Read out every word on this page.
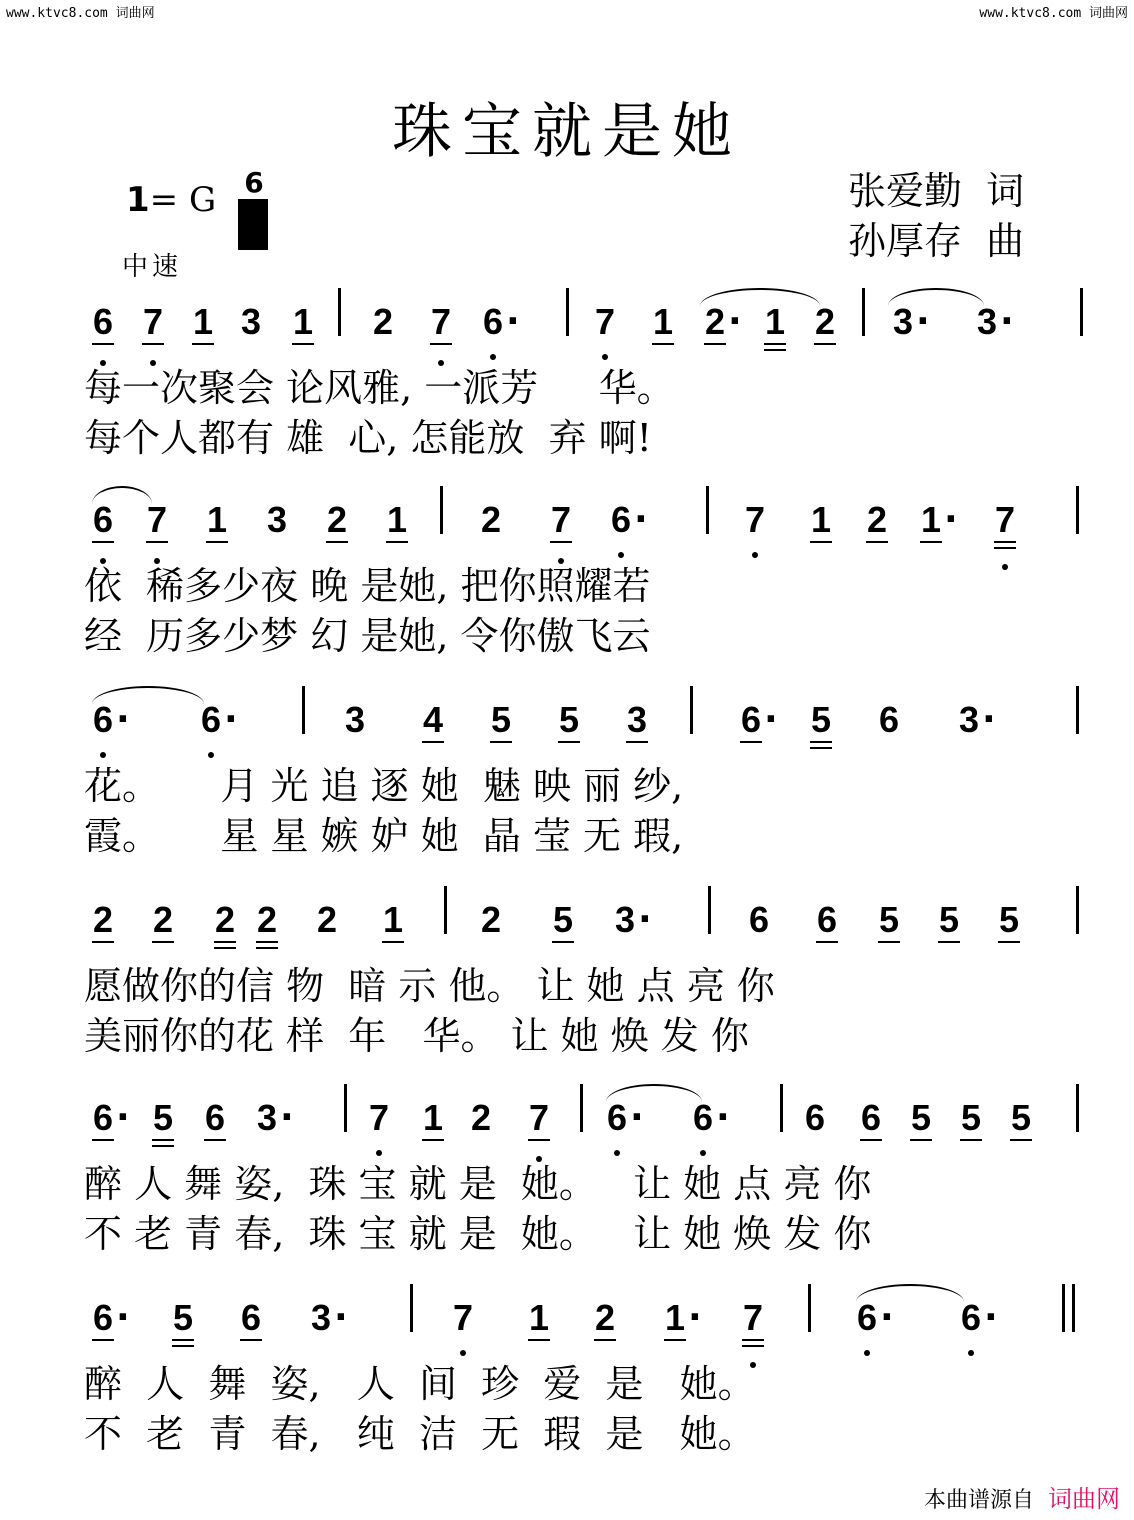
www.ktvc8.com 词曲网	www.ktvc8.com 词曲网
珠宝就是她
1= G 6
中速
张爱勤  词
孙厚存  曲
6 7 1 3 1 2 7 6 · 7 1 2 · 1 2 3 · 3 ·
每一次聚会 论风雅, 一派芳     华。
每个人都有 雄  心, 怎能放  弃 啊!
6 7 1 3 2 1 2 7 6 ·	7 1 2 1 · 7
依  稀多少夜 晚 是她, 把你照耀若
经  历多少梦 幻 是她, 令你傲飞云
6 · 6 ·	3 4 5 5 3	6 · 5 6 3 ·
花。     月 光 追 逐 她  魅 映 丽 纱,
霞。     星 星 嫉 妒 她  晶 莹 无 瑕,
2 2 2 2 2 1 2 5 3 ·	6 6 5 5 5
愿做你的信 物  暗 示 他。 让 她 点 亮 你
美丽你的花 样  年   华。 让 她 焕 发 你
6 · 5 6 3 · 7 1 2 7 6 · 6 · 6 6 5 5 5
醉 人 舞 姿,  珠 宝 就 是  她。   让 她 点 亮 你
不 老 青 春,  珠 宝 就 是  她。   让 她 焕 发 你
6 · 5 6 3 ·	7 1 2 1 · 7	6 · 6 ·
醉  人  舞  姿,   人  间  珍  爱  是   她。
不  老  青  春,   纯  洁  无  瑕  是   她。
本曲谱源自 词曲网
